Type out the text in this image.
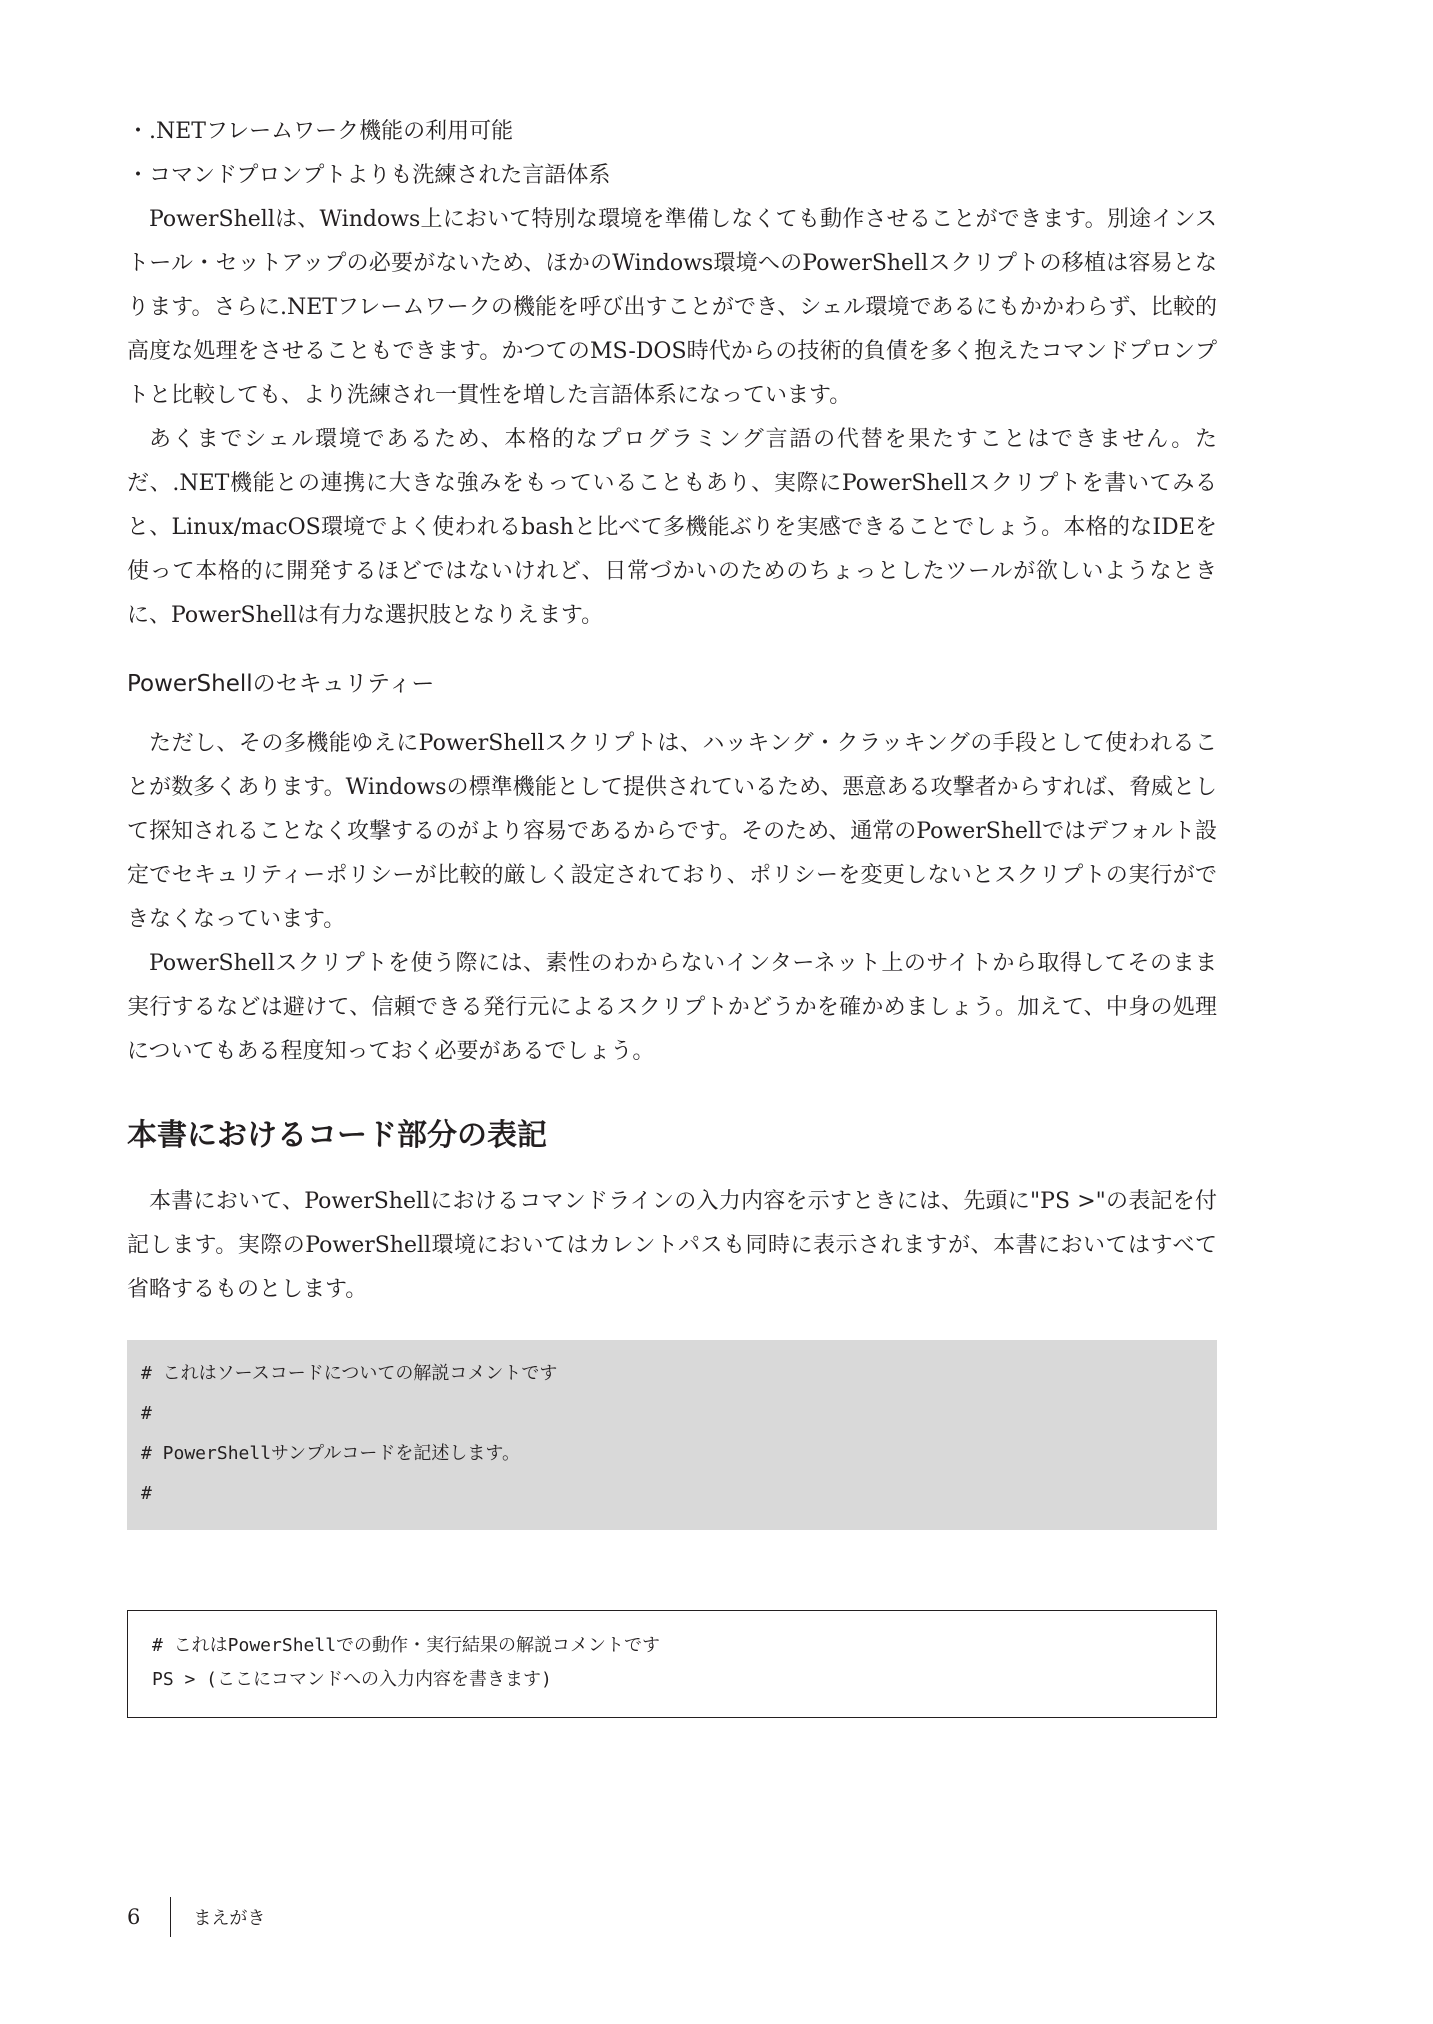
・.NETフレームワーク機能の利用可能
・コマンドプロンプトよりも洗練された言語体系

PowerShellは、Windows上において特別な環境を準備しなくても動作させることができます。別途インストール・セットアップの必要がないため、ほかのWindows環境へのPowerShellスクリプトの移植は容易となります。さらに.NETフレームワークの機能を呼び出すことができ、シェル環境であるにもかかわらず、比較的高度な処理をさせることもできます。かつてのMS-DOS時代からの技術的負債を多く抱えたコマンドプロンプトと比較しても、より洗練され一貫性を増した言語体系になっています。

あくまでシェル環境であるため、本格的なプログラミング言語の代替を果たすことはできません。ただ、.NET機能との連携に大きな強みをもっていることもあり、実際にPowerShellスクリプトを書いてみると、Linux/macOS環境でよく使われるbashと比べて多機能ぶりを実感できることでしょう。本格的なIDEを使って本格的に開発するほどではないけれど、日常づかいのためのちょっとしたツールが欲しいようなときに、PowerShellは有力な選択肢となりえます。

PowerShellのセキュリティー

ただし、その多機能ゆえにPowerShellスクリプトは、ハッキング・クラッキングの手段として使われることが数多くあります。Windowsの標準機能として提供されているため、悪意ある攻撃者からすれば、脅威として探知されることなく攻撃するのがより容易であるからです。そのため、通常のPowerShellではデフォルト設定でセキュリティーポリシーが比較的厳しく設定されており、ポリシーを変更しないとスクリプトの実行ができなくなっています。

PowerShellスクリプトを使う際には、素性のわからないインターネット上のサイトから取得してそのまま実行するなどは避けて、信頼できる発行元によるスクリプトかどうかを確かめましょう。加えて、中身の処理についてもある程度知っておく必要があるでしょう。

本書におけるコード部分の表記

本書において、PowerShellにおけるコマンドラインの入力内容を示すときには、先頭に"PS >"の表記を付記します。実際のPowerShell環境においてはカレントパスも同時に表示されますが、本書においてはすべて省略するものとします。

# これはソースコードについての解説コメントです
#
# PowerShellサンプルコードを記述します。
#
# これはPowerShellでの動作・実行結果の解説コメントです
PS > (ここにコマンドへの入力内容を書きます)
6	まえがき
